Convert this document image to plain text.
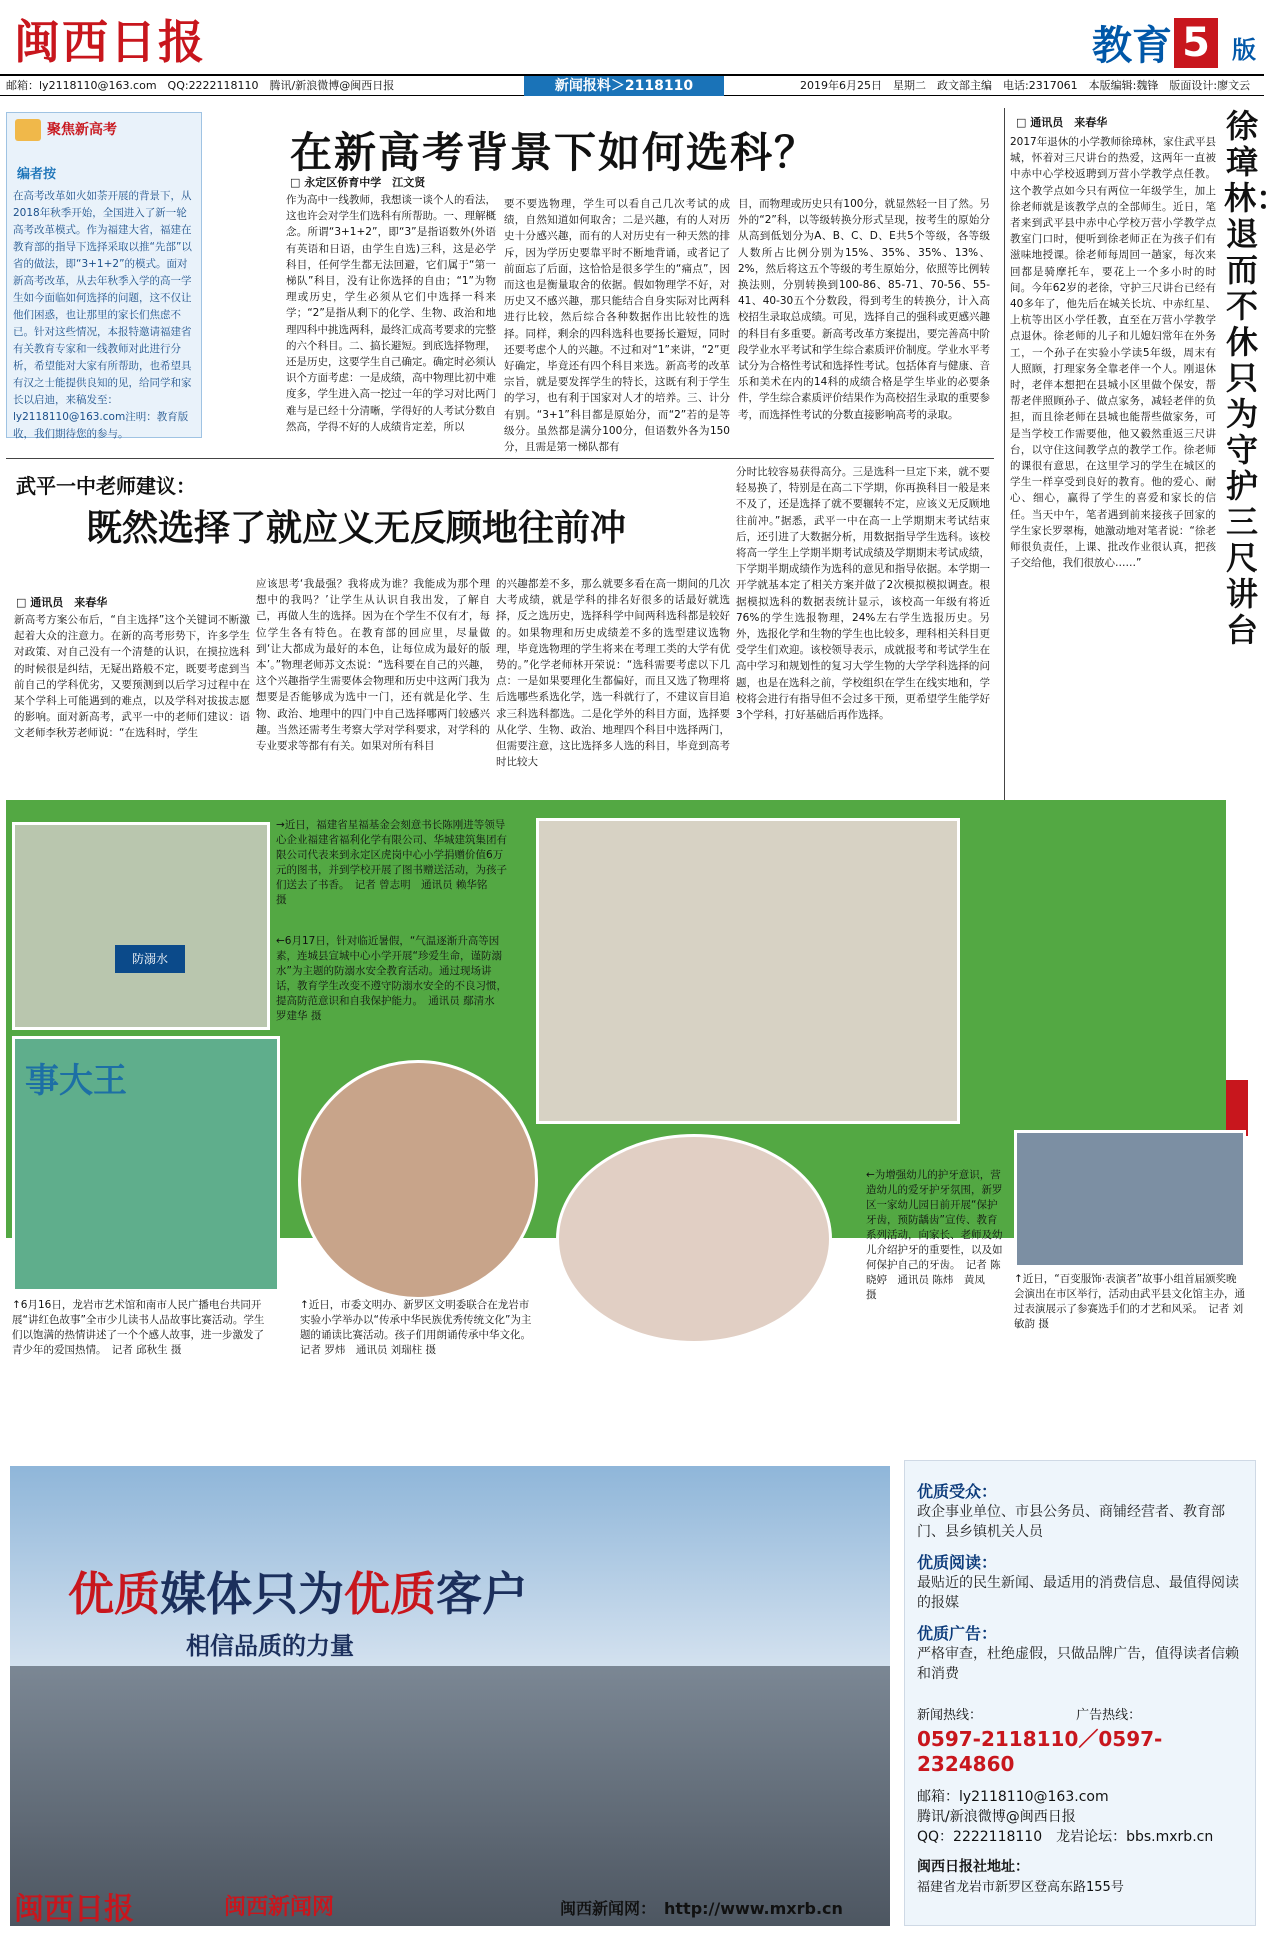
闽西日报	教育 5 版
邮箱：ly2118110@163.com　QQ:2222118110　腾讯/新浪微博@闽西日报	新闻报料＞2118110	2019年6月25日　星期二　政文部主编　电话:2317061　本版编辑:魏锋　版面设计:廖文云
聚焦新高考
编者按
在高考改革如火如荼开展的背景下，从2018年秋季开始，全国进入了新一轮高考改革模式。作为福建大省，福建在教育部的指导下选择采取以推“先部”以省的做法，即“3+1+2”的模式。面对新高考改革，从去年秋季入学的高一学生如今面临如何选择的问题，这不仅让他们困惑，也让那里的家长们焦虑不已。针对这些情况，本报特邀请福建省有关教育专家和一线教师对此进行分析，希望能对大家有所帮助，也希望具有汉之士能提供良知的见，给同学和家长以启迪，来稿发至：ly2118110@163.com注明：教育版收，我们期待您的参与。
在新高考背景下如何选科？
□ 永定区侨育中学　江文贤
作为高中一线教师，我想谈一谈个人的看法，这也许会对学生们选科有所帮助。一、理解概念。所谓“3+1+2”，即“3”是指语数外(外语有英语和日语，由学生自选)三科，这是必学科目，任何学生都无法回避，它们属于“第一梯队”科目，没有让你选择的自由；“1”为物理或历史，学生必须从它们中选择一科来学；“2”是指从剩下的化学、生物、政治和地理四科中挑选两科，最终汇成高考要求的完整的六个科目。二、搞长避短。到底选择物理，还是历史，这要学生自己确定。确定时必须认识个方面考虑：一是成绩，高中物理比初中难度多，学生进入高一挖过一年的学习对比两门难与是已经十分清晰，学得好的人考试分数自然高，学得不好的人成绩肯定差，所以
要不要选物理，学生可以看自己几次考试的成绩，自然知道如何取舍；二是兴趣，有的人对历史十分感兴趣，而有的人对历史有一种天然的排斥，因为学历史要靠平时不断地背诵，或者记了前面忘了后面，这恰恰是很多学生的“痛点”，因而这也是衡量取舍的依据。假如物理学不好，对历史又不感兴趣，那只能结合自身实际对比两科进行比较，然后综合各种数据作出比较性的选择。同样，剩余的四科选科也要扬长避短，同时还要考虑个人的兴趣。不过和对“1”来讲，“2”更好确定，毕竟还有四个科目来选。新高考的改革宗旨，就是要发挥学生的特长，这既有利于学生的学习，也有利于国家对人才的培养。三、计分有别。“3+1”科目都是原始分，而“2”若的是等级分。虽然都是满分100分，但语数外各为150分，且需是第一梯队都有
目，而物理或历史只有100分，就显然轻一目了然。另外的“2”科，以等级转换分形式呈现，按考生的原始分从高到低划分为A、B、C、D、E共5个等级，各等级人数所占比例分别为15%、35%、35%、13%、2%，然后将这五个等级的考生原始分，依照等比例转换法则，分别转换到100-86、85-71、70-56、55-41、40-30五个分数段，得到考生的转换分，计入高校招生录取总成绩。可见，选择自己的强科或更感兴趣的科目有多重要。新高考改革方案提出，要完善高中阶段学业水平考试和学生综合素质评价制度。学业水平考试分为合格性考试和选择性考试。包括体育与健康、音乐和美术在内的14科的成绩合格是学生毕业的必要条件，学生综合素质评价结果作为高校招生录取的重要参考，而选择性考试的分数直接影响高考的录取。
武平一中老师建议：
既然选择了就应义无反顾地往前冲
□ 通讯员　来春华
新高考方案公布后，“自主选择”这个关键词不断激起着大众的注意力。在新的高考形势下，许多学生对政策、对自己没有一个清楚的认识，在摸拉选科的时候很是纠结，无疑出路般不定，既要考虑到当前自己的学科优劣，又要预测到以后学习过程中在某个学科上可能遇到的难点，以及学科对拔拔志愿的影响。面对新高考，武平一中的老师们建议：语文老师李秋芳老师说：“在选科时，学生
应该思考‘我最强？我将成为谁？我能成为那个理想中的我吗？’让学生从认识自我出发，了解自己，再做人生的选择。因为在个学生不仅有才，每位学生各有特色。在教育部的回应里，尽量做到‘让大都成为最好的本色，让每位成为最好的版本’。”物理老师苏文杰说：“选科要在自己的兴趣，这个兴趣指学生需要体会物理和历史中这两门我为想要是否能够成为选中一门，还有就是化学、生物、政治、地理中的四门中自己选择哪两门较感兴趣。当然还需考生考察大学对学科要求，对学科的专业要求等都有有关。如果对所有科目
的兴趣都差不多，那么就要多看在高一期间的几次大考成绩，就是学科的排名好很多的话最好就选择，反之选历史，选择科学中间两科选科都是较好的。如果物理和历史成绩差不多的选型建议选物理，毕竟选物理的学生将来在考理工类的大学有优势的。”化学老师林开荣说：“选科需要考虑以下几点：一是如果要理化生都偏好，而且又选了物理将后选哪些系选化学，选一科就行了，不建议盲目追求三科选科都选。二是化学外的科目方面，选择要从化学、生物、政治、地理四个科目中选择两门，但需要注意，这比选择多人选的科目，毕竟到高考时比较大
分时比较容易获得高分。三是选科一旦定下来，就不要轻易换了，特别是在高二下学期，你再换科目一般是来不及了，还是选择了就不要辗转不定，应该义无反顾地往前冲。”据悉，武平一中在高一上学期期末考试结束后，还引进了大数据分析，用数据指导学生选科。该校将高一学生上学期半期考试成绩及学期期末考试成绩，下学期半期成绩作为选科的意见和指导依据。本学期一开学就基本定了相关方案并做了2次模拟模拟调查。根据模拟选科的数据表统计显示，该校高一年级有将近76%的学生选报物理，24%左右学生选报历史。另外，选报化学和生物的学生也比较多，理科相关科目更受学生们欢迎。该校领导表示，成就报考和考试学生在高中学习和规划性的复习大学生物的大学学科选择的问题，也是在选科之前，学校组织在学生在线实地和，学校将会进行有指导但不会过多干预，更希望学生能学好3个学科，打好基础后再作选择。
□ 通讯员　来春华	徐璋林：退而不休 只为守护三尺讲台
2017年退休的小学教师徐璋林，家住武平县城，怀着对三尺讲台的热爱，这两年一直被中赤中心学校返聘到万营小学教学点任教。这个教学点如今只有两位一年级学生，加上徐老师就是该教学点的全部师生。近日，笔者来到武平县中赤中心学校万营小学教学点教室门口时，便听到徐老师正在为孩子们有滋味地授课。徐老师每周回一趟家，每次来回都是骑摩托车，要花上一个多小时的时间。今年62岁的老徐，守护三尺讲台已经有40多年了，他先后在城关长坑、中赤红星、上杭等出区小学任教，直至在万营小学教学点退休。徐老师的儿子和儿媳妇常年在外务工，一个孙子在实验小学读5年级，周末有人照顾，打理家务全靠老伴一个人。刚退休时，老伴本想把在县城小区里做个保安，帮帮老伴照顾孙子、做点家务，减轻老伴的负担，而且徐老师在县城也能帮些做家务，可是当学校工作需要他，他又毅然重返三尺讲台，以守住这间教学点的教学工作。徐老师的课很有意思，在这里学习的学生在城区的学生一样享受到良好的教育。他的爱心、耐心、细心，赢得了学生的喜爱和家长的信任。当天中午，笔者遇到前来接孩子回家的学生家长罗翠梅，她激动地对笔者说：“徐老师很负责任，上课、批改作业很认真，把孩子交给他，我们很放心……”
防溺水
→近日，福建省星福基金会刻意书长陈刚进等领导心企业福建省福利化学有限公司、华城建筑集团有限公司代表来到永定区虎岗中心小学捐赠价值6万元的图书，并到学校开展了图书赠送活动，为孩子们送去了书香。　记者 曾志明　通讯员 赖华铭　摄
←6月17日，针对临近暑假，“气温逐渐升高等因素，连城县宣城中心小学开展“珍爱生命，谨防溺水”为主题的防溺水安全教育活动。通过现场讲话，教育学生改变不遵守防溺水安全的不良习惯，提高防范意识和自我保护能力。　通讯员 鄢清水 罗建华 摄
事大王
↑6月16日，龙岩市艺术馆和南市人民广播电台共同开展“讲红色故事”全市少儿读书人品故事比赛活动。学生们以饱满的热情讲述了一个个感人故事，进一步激发了青少年的爱国热情。　记者 邱秋生 摄
↑近日，市委文明办、新罗区文明委联合在龙岩市实验小学举办以“传承中华民族优秀传统文化”为主题的诵读比赛活动。孩子们用朗诵传承中华文化。　记者 罗炜　通讯员 刘瑞柱 摄
←为增强幼儿的护牙意识，营造幼儿的爱牙护牙氛围，新罗区一家幼儿园日前开展“保护牙齿，预防龋齿”宣传、教育系列活动，向家长、老师及幼儿介绍护牙的重要性，以及如何保护自己的牙齿。　记者 陈晓婷　通讯员 陈炜　黄凤　摄
↑近日，“百变服饰·表演者”故事小组首届颁奖晚会演出在市区举行，活动由武平县文化馆主办，通过表演展示了参赛选手们的才艺和风采。　记者 刘敏韵 摄
优质媒体只为优质客户
相信品质的力量
优质受众：
政企事业单位、市县公务员、商铺经营者、教育部门、县乡镇机关人员
优质阅读：
最贴近的民生新闻、最适用的消费信息、最值得阅读的报媒
优质广告：
严格审查，杜绝虚假，只做品牌广告，值得读者信赖和消费
新闻热线：	广告热线：
0597-2118110／0597-2324860
邮箱：ly2118110@163.com
腾讯/新浪微博@闽西日报
QQ：2222118110　龙岩论坛：bbs.mxrb.cn
闽西日报社地址：
福建省龙岩市新罗区登高东路155号
闽西日报	闽西新闻网	闽西新闻网：　http://www.mxrb.cn
